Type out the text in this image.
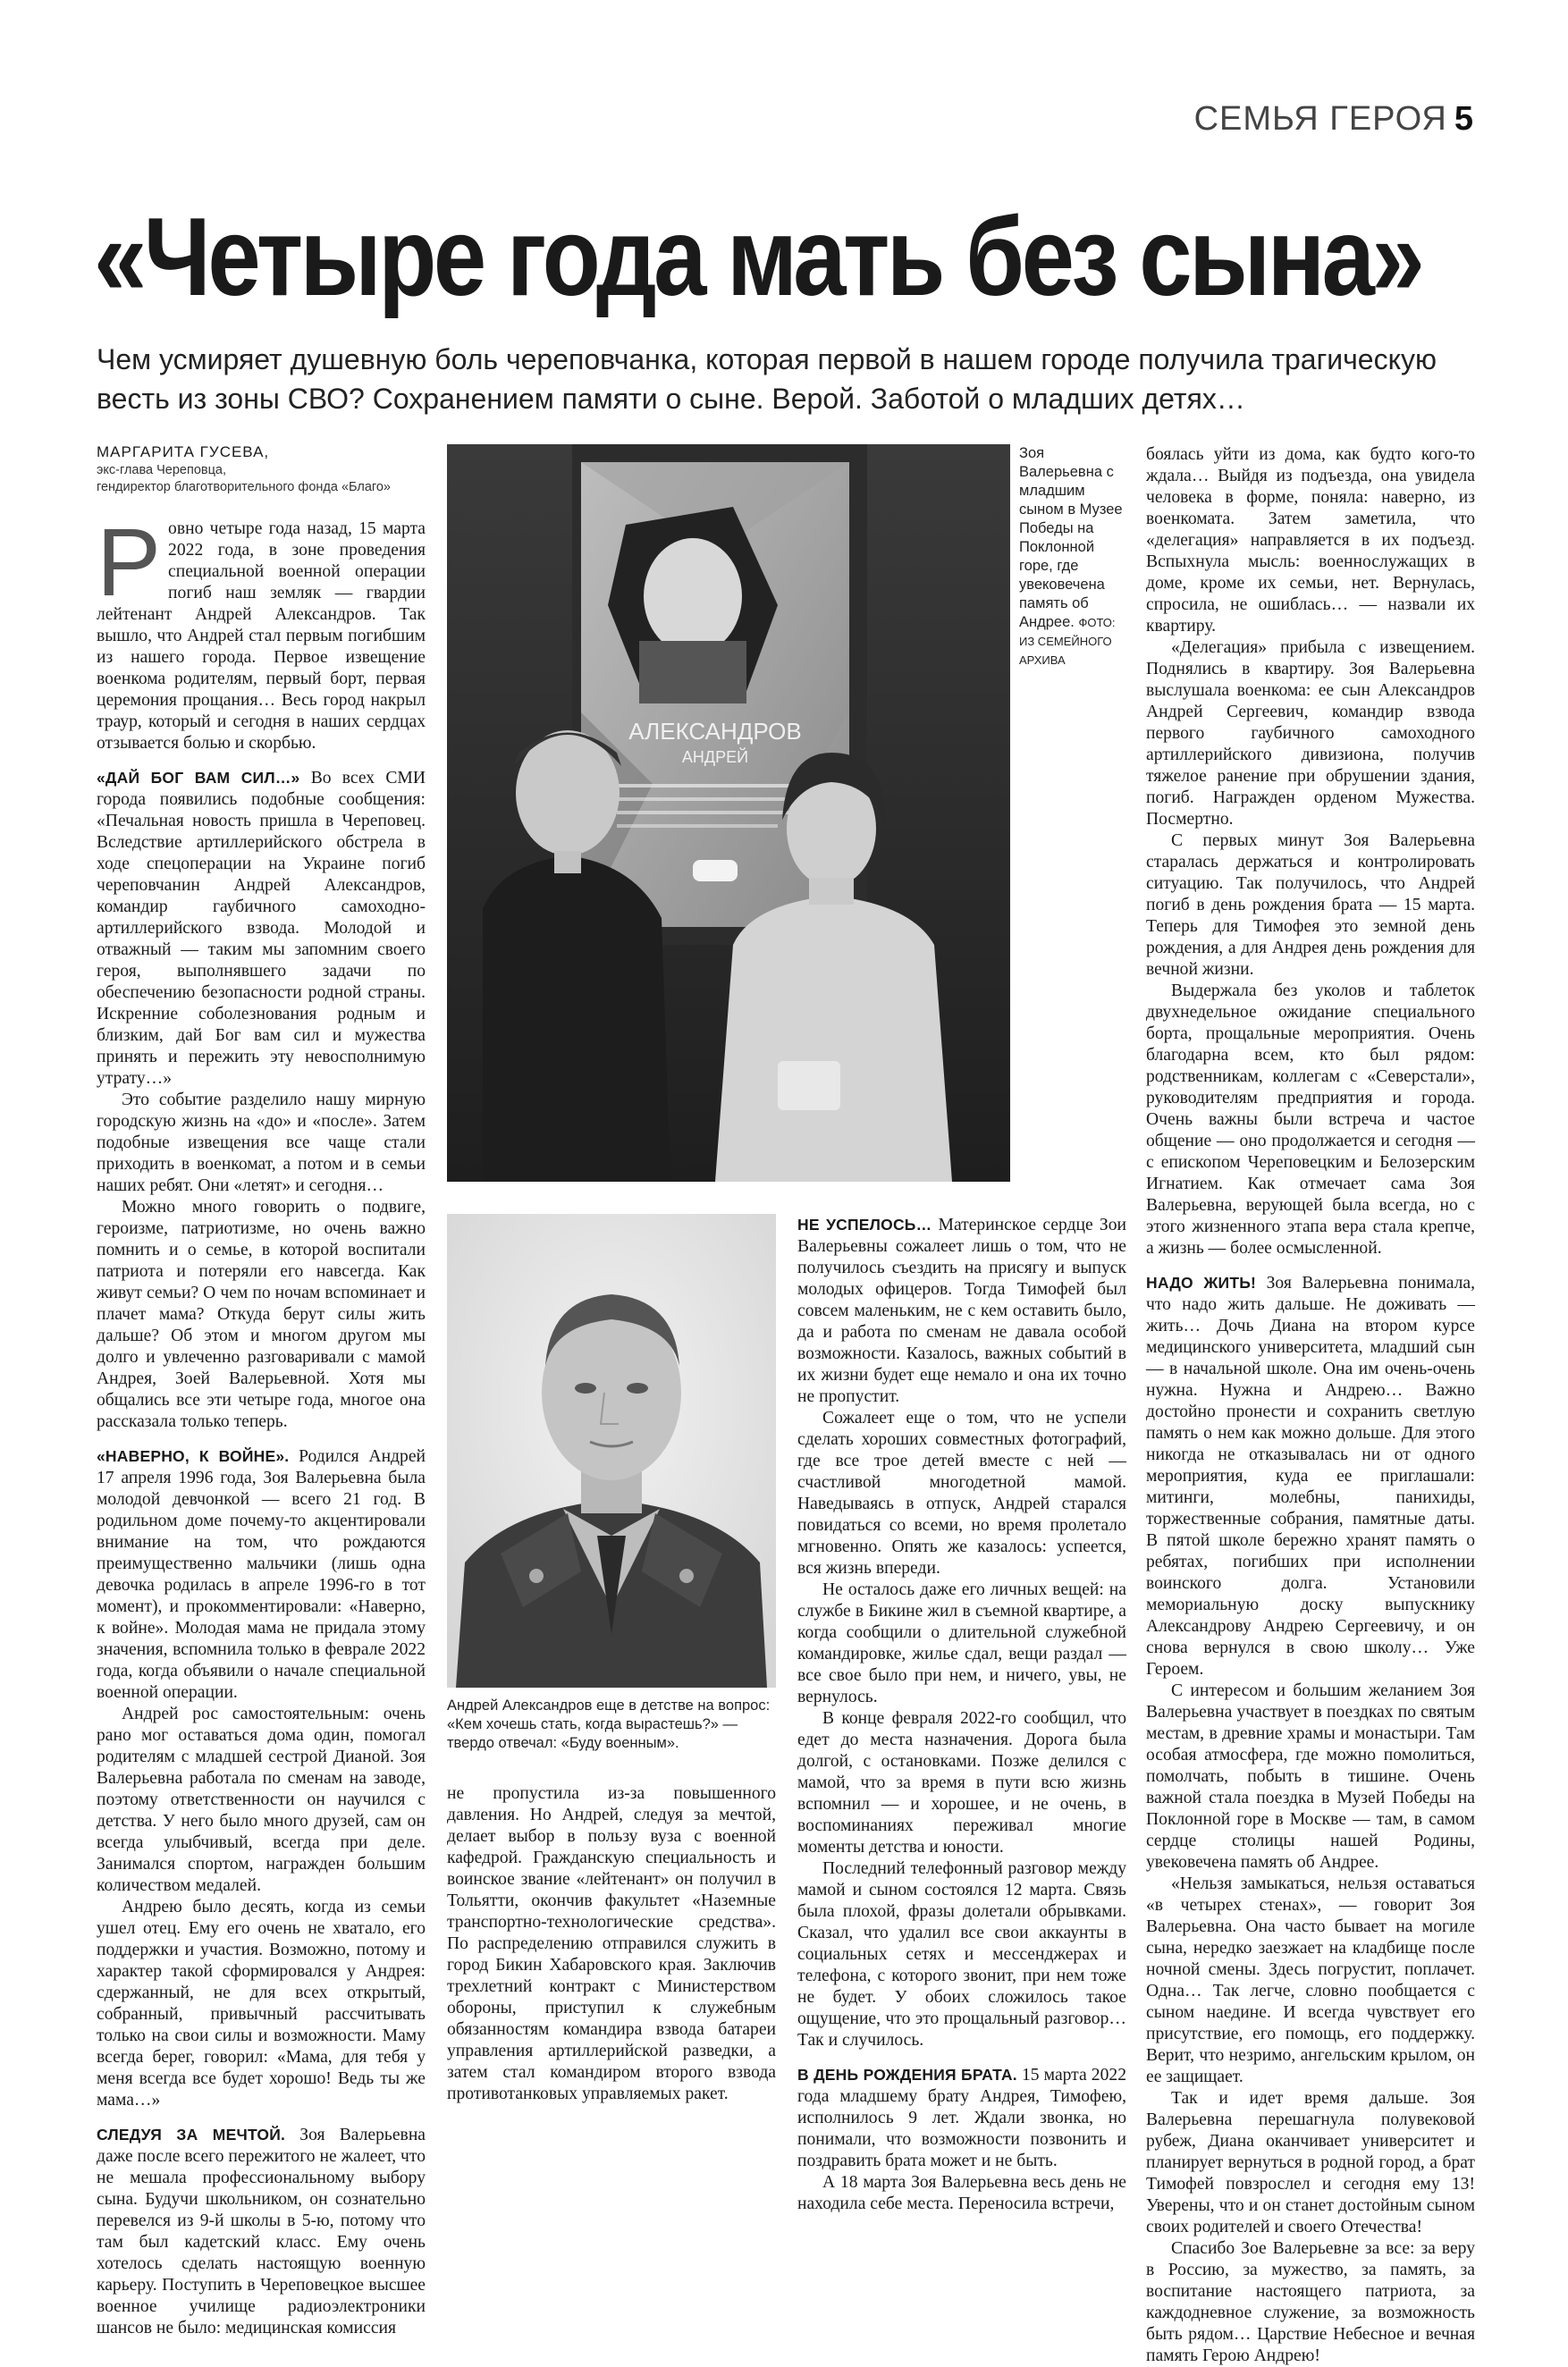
СЕМЬЯ ГЕРОЯ 5
«Четыре года мать без сына»
Чем усмиряет душевную боль череповчанка, которая первой в нашем городе получила трагическую весть из зоны СВО? Сохранением памяти о сыне. Верой. Заботой о младших детях…
МАРГАРИТА ГУСЕВА,
экс-глава Череповца,
гендиректор благотворительного фонда «Благо»
АЛЕКСАНДРОВ
АНДРЕЙ
Зоя Валерьевна с младшим сыном в Музее Победы на Поклонной горе, где увековечена память об Андрее. ФОТО: ИЗ СЕМЕЙНОГО АРХИВА
Андрей Александров еще в детстве на вопрос: «Кем хочешь стать, когда вырастешь?» — твердо отвечал: «Буду военным».

Ровно четыре года назад, 15 марта 2022 года, в зоне проведения специальной военной операции погиб наш земляк — гвардии лейтенант Андрей Александров. Так вышло, что Андрей стал первым погибшим из нашего города. Первое извещение военкома родителям, первый борт, первая церемония прощания… Весь город накрыл траур, который и сегодня в наших сердцах отзывается болью и скорбью.

«ДАЙ БОГ ВАМ СИЛ…» Во всех СМИ города появились подобные сообщения: «Печальная новость пришла в Череповец. Вследствие артиллерийского обстрела в ходе спецоперации на Украине погиб череповчанин Андрей Александров, командир гаубичного самоходно-артиллерийского взвода. Молодой и отважный — таким мы запомним своего героя, выполнявшего задачи по обеспечению безопасности родной страны. Искренние соболезнования родным и близким, дай Бог вам сил и мужества принять и пережить эту невосполнимую утрату…»

Это событие разделило нашу мирную городскую жизнь на «до» и «после». Затем подобные извещения все чаще стали приходить в военкомат, а потом и в семьи наших ребят. Они «летят» и сегодня…

Можно много говорить о подвиге, героизме, патриотизме, но очень важно помнить и о семье, в которой воспитали патриота и потеряли его навсегда. Как живут семьи? О чем по ночам вспоминает и плачет мама? Откуда берут силы жить дальше? Об этом и многом другом мы долго и увлеченно разговаривали с мамой Андрея, Зоей Валерьевной. Хотя мы общались все эти четыре года, многое она рассказала только теперь.

«НАВЕРНО, К ВОЙНЕ». Родился Андрей 17 апреля 1996 года, Зоя Валерьевна была молодой девчонкой — всего 21 год. В родильном доме почему-то акцентировали внимание на том, что рождаются преимущественно мальчики (лишь одна девочка родилась в апреле 1996-го в тот момент), и прокомментировали: «Наверно, к войне». Молодая мама не придала этому значения, вспомнила только в феврале 2022 года, когда объявили о начале специальной военной операции.

Андрей рос самостоятельным: очень рано мог оставаться дома один, помогал родителям с младшей сестрой Дианой. Зоя Валерьевна работала по сменам на заводе, поэтому ответственности он научился с детства. У него было много друзей, сам он всегда улыбчивый, всегда при деле. Занимался спортом, награжден большим количеством медалей.

Андрею было десять, когда из семьи ушел отец. Ему его очень не хватало, его поддержки и участия. Возможно, потому и характер такой сформировался у Андрея: сдержанный, не для всех открытый, собранный, привычный рассчитывать только на свои силы и возможности. Маму всегда берег, говорил: «Мама, для тебя у меня всегда все будет хорошо! Ведь ты же мама…»

СЛЕДУЯ ЗА МЕЧТОЙ. Зоя Валерьевна даже после всего пережитого не жалеет, что не мешала профессиональному выбору сына. Будучи школьником, он сознательно перевелся из 9-й школы в 5-ю, потому что там был кадетский класс. Ему очень хотелось сделать настоящую военную карьеру. Поступить в Череповецкое высшее военное училище радиоэлектроники шансов не было: медицинская комиссия

не пропустила из-за повышенного давления. Но Андрей, следуя за мечтой, делает выбор в пользу вуза с военной кафедрой. Гражданскую специальность и воинское звание «лейтенант» он получил в Тольятти, окончив факультет «Наземные транспортно-технологические средства». По распределению отправился служить в город Бикин Хабаровского края. Заключив трехлетний контракт с Министерством обороны, приступил к служебным обязанностям командира взвода батареи управления артиллерийской разведки, а затем стал командиром второго взвода противотанковых управляемых ракет.

НЕ УСПЕЛОСЬ… Материнское сердце Зои Валерьевны сожалеет лишь о том, что не получилось съездить на присягу и выпуск молодых офицеров. Тогда Тимофей был совсем маленьким, не с кем оставить было, да и работа по сменам не давала особой возможности. Казалось, важных событий в их жизни будет еще немало и она их точно не пропустит.

Сожалеет еще о том, что не успели сделать хороших совместных фотографий, где все трое детей вместе с ней — счастливой многодетной мамой. Наведываясь в отпуск, Андрей старался повидаться со всеми, но время пролетало мгновенно. Опять же казалось: успеется, вся жизнь впереди.

Не осталось даже его личных вещей: на службе в Бикине жил в съемной квартире, а когда сообщили о длительной служебной командировке, жилье сдал, вещи раздал — все свое было при нем, и ничего, увы, не вернулось.

В конце февраля 2022-го сообщил, что едет до места назначения. Дорога была долгой, с остановками. Позже делился с мамой, что за время в пути всю жизнь вспомнил — и хорошее, и не очень, в воспоминаниях переживал многие моменты детства и юности.

Последний телефонный разговор между мамой и сыном состоялся 12 марта. Связь была плохой, фразы долетали обрывками. Сказал, что удалил все свои аккаунты в социальных сетях и мессенджерах и телефона, с которого звонит, при нем тоже не будет. У обоих сложилось такое ощущение, что это прощальный разговор… Так и случилось.

В ДЕНЬ РОЖДЕНИЯ БРАТА. 15 марта 2022 года младшему брату Андрея, Тимофею, исполнилось 9 лет. Ждали звонка, но понимали, что возможности позвонить и поздравить брата может и не быть.

А 18 марта Зоя Валерьевна весь день не находила себе места. Переносила встречи,

боялась уйти из дома, как будто кого-то ждала… Выйдя из подъезда, она увидела человека в форме, поняла: наверно, из военкомата. Затем заметила, что «делегация» направляется в их подъезд. Вспыхнула мысль: военнослужащих в доме, кроме их семьи, нет. Вернулась, спросила, не ошиблась… — назвали их квартиру.

«Делегация» прибыла с извещением. Поднялись в квартиру. Зоя Валерьевна выслушала военкома: ее сын Александров Андрей Сергеевич, командир взвода первого гаубичного самоходного артиллерийского дивизиона, получив тяжелое ранение при обрушении здания, погиб. Награжден орденом Мужества. Посмертно.

С первых минут Зоя Валерьевна старалась держаться и контролировать ситуацию. Так получилось, что Андрей погиб в день рождения брата — 15 марта. Теперь для Тимофея это земной день рождения, а для Андрея день рождения для вечной жизни.

Выдержала без уколов и таблеток двухнедельное ожидание специального борта, прощальные мероприятия. Очень благодарна всем, кто был рядом: родственникам, коллегам с «Северстали», руководителям предприятия и города. Очень важны были встреча и частое общение — оно продолжается и сегодня — с епископом Череповецким и Белозерским Игнатием. Как отмечает сама Зоя Валерьевна, верующей была всегда, но с этого жизненного этапа вера стала крепче, а жизнь — более осмысленной.

НАДО ЖИТЬ! Зоя Валерьевна понимала, что надо жить дальше. Не доживать — жить… Дочь Диана на втором курсе медицинского университета, младший сын — в начальной школе. Она им очень-очень нужна. Нужна и Андрею… Важно достойно пронести и сохранить светлую память о нем как можно дольше. Для этого никогда не отказывалась ни от одного мероприятия, куда ее приглашали: митинги, молебны, панихиды, торжественные собрания, памятные даты. В пятой школе бережно хранят память о ребятах, погибших при исполнении воинского долга. Установили мемориальную доску выпускнику Александрову Андрею Сергеевичу, и он снова вернулся в свою школу… Уже Героем.

С интересом и большим желанием Зоя Валерьевна участвует в поездках по святым местам, в древние храмы и монастыри. Там особая атмосфера, где можно помолиться, помолчать, побыть в тишине. Очень важной стала поездка в Музей Победы на Поклонной горе в Москве — там, в самом сердце столицы нашей Родины, увековечена память об Андрее.

«Нельзя замыкаться, нельзя оставаться «в четырех стенах», — говорит Зоя Валерьевна. Она часто бывает на могиле сына, нередко заезжает на кладбище после ночной смены. Здесь погрустит, поплачет. Одна… Так легче, словно пообщается с сыном наедине. И всегда чувствует его присутствие, его помощь, его поддержку. Верит, что незримо, ангельским крылом, он ее защищает.

Так и идет время дальше. Зоя Валерьевна перешагнула полувековой рубеж, Диана оканчивает университет и планирует вернуться в родной город, а брат Тимофей повзрослел и сегодня ему 13! Уверены, что и он станет достойным сыном своих родителей и своего Отечества!

Спасибо Зое Валерьевне за все: за веру в Россию, за мужество, за память, за воспитание настоящего патриота, за каждодневное служение, за возможность быть рядом… Царствие Небесное и вечная память Герою Андрею!
